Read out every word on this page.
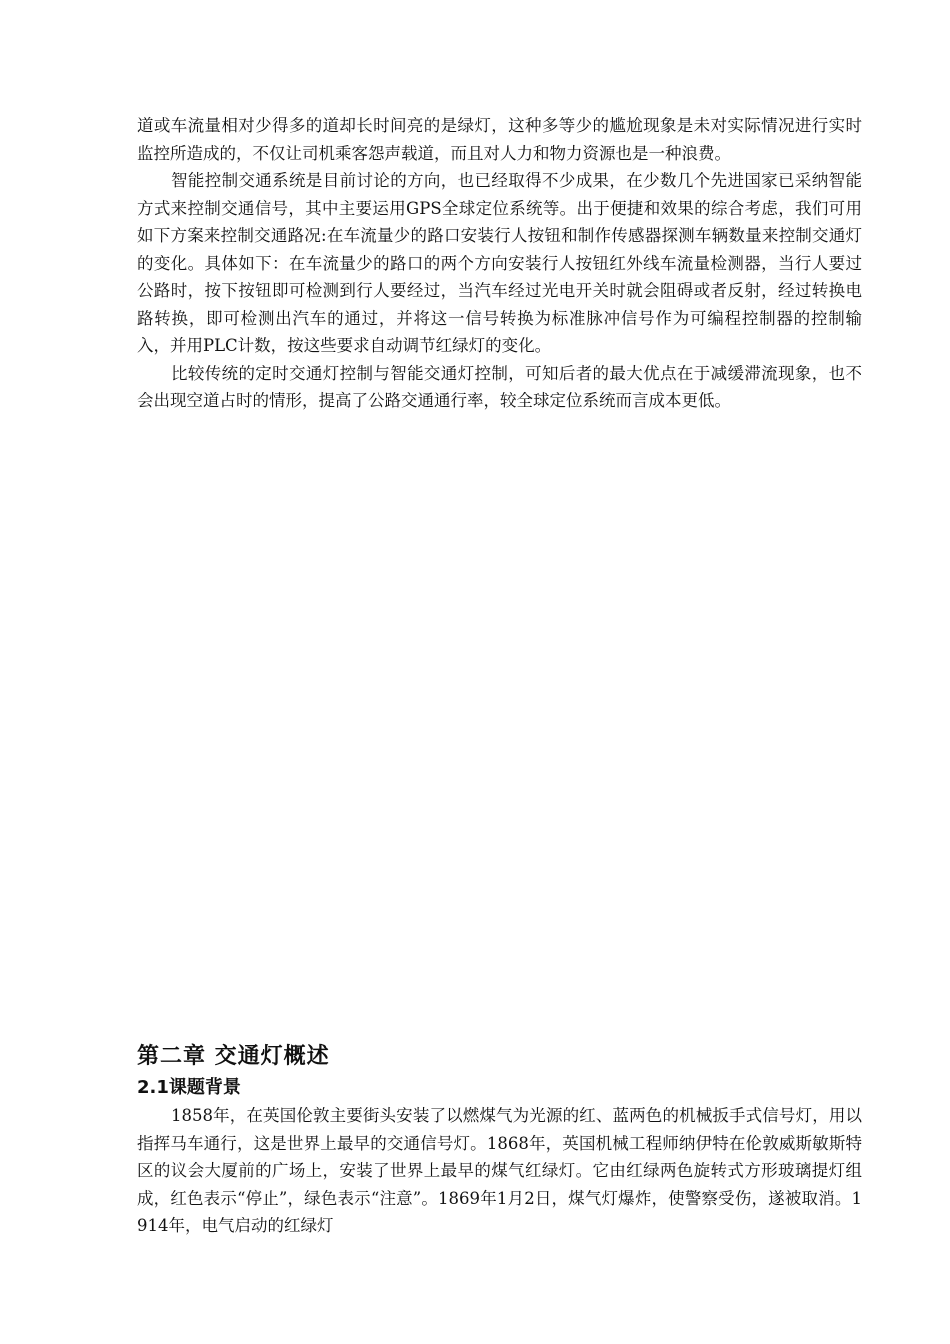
道或车流量相对少得多的道却长时间亮的是绿灯，这种多等少的尴尬现象是未对实际情况进行实时监控所造成的，不仅让司机乘客怨声载道，而且对人力和物力资源也是一种浪费。

智能控制交通系统是目前讨论的方向，也已经取得不少成果，在少数几个先进国家已采纳智能方式来控制交通信号，其中主要运用GPS全球定位系统等。出于便捷和效果的综合考虑，我们可用如下方案来控制交通路况:在车流量少的路口安装行人按钮和制作传感器探测车辆数量来控制交通灯的变化。具体如下：在车流量少的路口的两个方向安装行人按钮红外线车流量检测器，当行人要过公路时，按下按钮即可检测到行人要经过，当汽车经过光电开关时就会阻碍或者反射，经过转换电路转换，即可检测出汽车的通过，并将这一信号转换为标准脉冲信号作为可编程控制器的控制输入，并用PLC计数，按这些要求自动调节红绿灯的变化。

比较传统的定时交通灯控制与智能交通灯控制，可知后者的最大优点在于减缓滞流现象，也不会出现空道占时的情形，提高了公路交通通行率，较全球定位系统而言成本更低。

第二章 交通灯概述
2.1课题背景

1858年，在英国伦敦主要街头安装了以燃煤气为光源的红、蓝两色的机械扳手式信号灯，用以指挥马车通行，这是世界上最早的交通信号灯。1868年，英国机械工程师纳伊特在伦敦威斯敏斯特区的议会大厦前的广场上，安装了世界上最早的煤气红绿灯。它由红绿两色旋转式方形玻璃提灯组成，红色表示“停止”，绿色表示“注意”。1869年1月2日，煤气灯爆炸，使警察受伤，遂被取消。1914年，电气启动的红绿灯
